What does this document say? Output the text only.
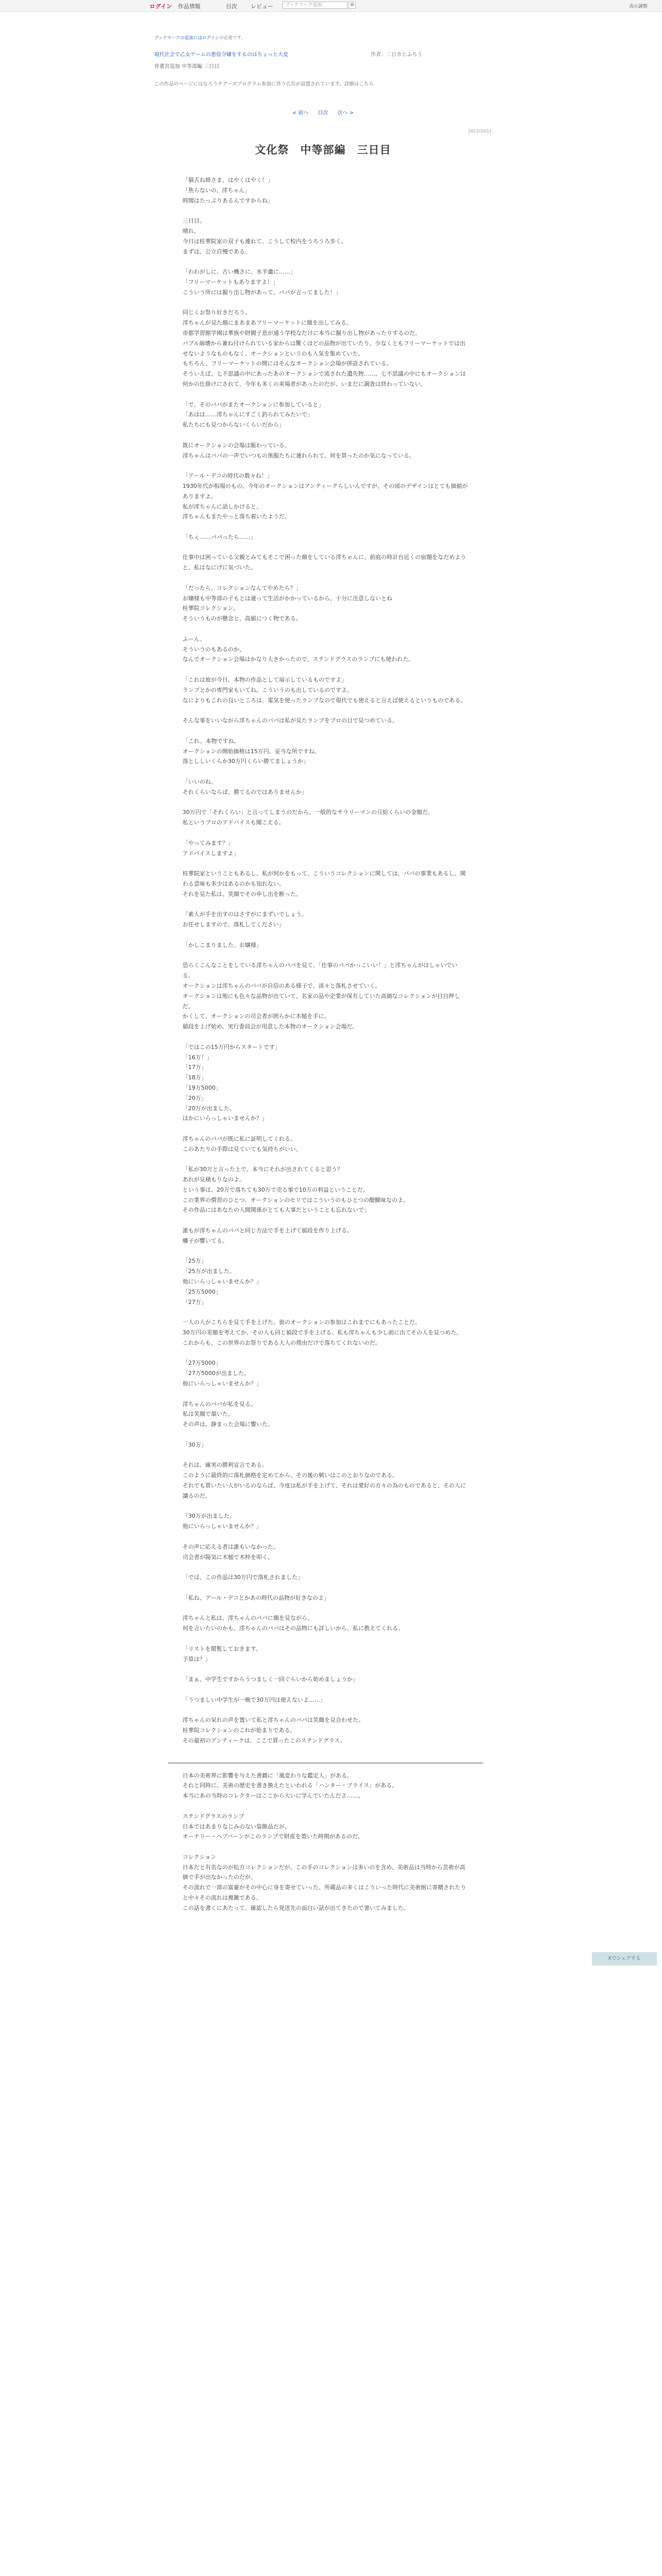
ログイン 作品情報	目次 レビュー	ブックマーク追加	⚙	表示調整
ブックマークの追加にはログインが必要です。
現代社会で乙女ゲームの悪役令嬢をするのはちょっと大変	作者：二日市とふろう
骨董宮追加 中等部編 三日目
この作品のページにはなろうチアーズプログラム参加に伴う広告が設置されています。詳細はこちら
< 前へ 目次 次へ >
2023/10/11
文化祭　中等部編　三日目

「猫舌ね姉さま、はやくはやく！」
「焦らないの、澪ちゃん」
時間はたっぷりあるんですからね」

三日目。
晴れ。
今日は桂華院家の双子も連れて、こうして校内をうろうろ歩く。
まずは、公立自慢である。

「わわがしに、古い機さに、水羊羹に……」
「フリーマーケットもありますよ！」
こういう所には掘り出し物があって、パパが言ってました！」

同じくお祭り好きだろう。
澪ちゃんが見た顔にまあまあフリーマーケットに顔を出してみる。
帝都学習館学園は華族や財閥子息が通う学校なだけに本当に掘り出し物があったりするのだ。
バブル崩壊から兼ね付けられている家からは驚くほどの品物が出ていたり、少なくともフリーマーケットでは出せないようなものもなく、オークションというのも人気を集めていた。
もちろん、フリーマーケットの開にはそんなオークション会場が併設されている。
そういえば、七不思議の中にあったあのオークションで流された遺失物……、七不思議の中にもオークションは何かの仕掛けにされて、今年も多くの来場者があったのだが、いまだに調査は終わっていない。

「で、そのパパがまたオークションに参加していると」
「あはは……澪ちゃんにすごく釣られてみたいで」
私たちにも見つからないくらいだから」

既にオークションの会場は賑わっている。
澪ちゃんはパパの一声でいつもの黒服たちに連れられて、何を買ったのか気になっている。

「アール・デコの時代の数々ね！」
1930年代が相場のもの、今年のオークションはアンティークらしいんですが、その頃のデザインはとても価値がありますよ。
私が澪ちゃんに話しかけると、
澪ちゃんもまたやっと落ち着いたようだ。

「ちぇ……パパったら……」

仕事中は困っている父親とみてもそこで困った顔をしている澪ちゃんに、前庭の時計台近くの宿題をなだめようと、私はなにげに気づいた。

「だったら、コレクションなんてやめたら？」
お嬢様も中等部の子もとは違って生活がかかっているから、十分に注意しないとね
桂華院コレクション。
そういうものが懸念と、高値につく物である。

ふーん、
そういうのもあるのか、
なんでオークション会場はかなり大きかったので、ステンドグラスのランプにも使われた。

「これは彼が今日、本物の作品として展示しているものですよ」
ランプとかの専門家もいてね。こういうのも出しているのですよ。
なによりもこれの良いところは、電気を使ったランプなので現代でも使えると言えば使えるというものである。

そんな事をいいながら澪ちゃんのパパは私が見たランプをプロの目で見つめている。

「これ、本物ですね。
オークションの開始価格は15万円。妥当な所ですね。
落とししいくらか30万円くらい勝てましょうか」

「いいのね。
それくらいならば、勝てるのではありませんか」

30万円で「それくらい」と言ってしまうのだから、一般的なサラリーマンの月給くらいの金額だ。
私というプロのアドバイスも聞こえる。

「やってみます？」
アドバイスしますよ」

桂華院家ということもあるし、私が何かをもって、こういうコレクションに関しては、パパの事業もあるし、関わる意味も多少はあるのかも知れない。
それを見た私は、笑顔でその申し出を断った。

「素人が手を出すのはさすがにまずいでしょう。
お任せしますので、落札してください」

「かしこまりました。お嬢様」

恐らくこんなことをしている澪ちゃんのパパを見て、「仕事のパパかっこいい！」と澪ちゃんがはしゃいでいる。
オークションは澪ちゃんのパパが自信のある様子で、淡々と落札させていく。
オークションは他にも色々な品物が出ていて、名家の品や企業が保有していた高価なコレクションが目白押しだ。
かくして、オークションの司会者が朗らかに木槌を手に。
値段を上げ始め、実行委員会が用意した本物のオークション会場だ。

「ではこの15万円からスタートです」
「16万！」
「17万」
「18万」
「19万5000」
「20万」
「20万が出ました。
ほかにいらっしゃいませんか？」

澪ちゃんのパパが既に私に証明してくれる。
このあたりの手際は見ていても気持ちがいい。

「私が30万と言った上で、本当にそれが出されてくると思う？
あれが見積もりなのよ。
という事は、20万で落ちても30万で売る事で10万の利益ということだ。
この業界の慣習のひとつ、オークションのセリではこういうのもひとつの醍醐味なのよ。
その作品にはあなたの人間関係がとても大事だということも忘れないで」

誰もが澪ちゃんのパパと同じ方法で手を上げて値段を作り上げる。
囃子が響いてる。

「25万」
「25万が出ました。
他にいらっしゃいませんか？」
「25万5000」
「27万」

一人の人がこちらを見て手を上げた。彼のオークションの参加はこれまでにもあったことだ。
30万円の差額を考えてか、その人も同じ値段で手を上げる。私も澪ちゃんも少し前に出てその人を見つめた。
これからも、この世界のお祭りである大人の理由だけで落ちてくれないのだ。

「27万5000」
「27万5000が出ました。
他にいらっしゃいませんか？」

澪ちゃんのパパが私を見る。
私は笑顔で頷いた。
その声は、静まった会場に響いた。

「30万」

それは、確実の勝利宣言である。
このように最終的に落札価格を定めてから、その後の戦いはこのとおりなのである。
それでも買いたい人がいるのならば、今度は私が手を上げて、それは愛好の方々の為のものであると、その人に譲るのだ。

「30万が出ました。
他にいらっしゃいませんか？」

その声に応える者は誰もいなかった。
司会者が陽気に木槌で木枠を叩く。

「では、この作品は30万円で落札されました」

「私ね、アール・デコとかあの時代の品物が好きなのよ」

澪ちゃんと私は、澪ちゃんのパパに顔を見ながら、
何を言いたいのかも、澪ちゃんのパパはその品物にも詳しいから、私に教えてくれる。

「リストを閲覧しておきます。
予算は？」

「まぁ、中学生ですからうつましく一回ぐらいから始めましょうか」

「うつましい中学生が一晩で30万円は使えないよ……」

澪ちゃんの呆れの声を置いて私と澪ちゃんのパパは笑顔を見合わせた。
桂華院コレクションのこれが始まりである。
その最初のアンティークは、ここで買ったこのステンドグラス。

日本の美術界に影響を与えた書籍に「風変わりな鑑定人」がある。
それと同時に、美術の歴史を書き換えたといわれる「ハンター・ブライス」がある。
本当にあの当時のコレクターはここから大いに学んでいたんだよ……。

ステンドグラスのランプ
日本ではあまりなじみのない装飾品だが、
オーナリー・ヘブバーンがこのランプで財産を築いた時期があるのだ。

コレクション
日本だと有名なのが松方コレクションだが、この手のコレクションは多いのを含め、美術品は当時から芸術が高価で手が出なかったのだが、
その流れで一部の富豪がその中心に身を寄せていった、所蔵品の多くはこういった時代に美術館に寄贈されたりと中々その流れは複雑である。
この話を書くにあたって、確認したら発送先の面白い話が出てきたので書いてみました。

Xでシェアする
